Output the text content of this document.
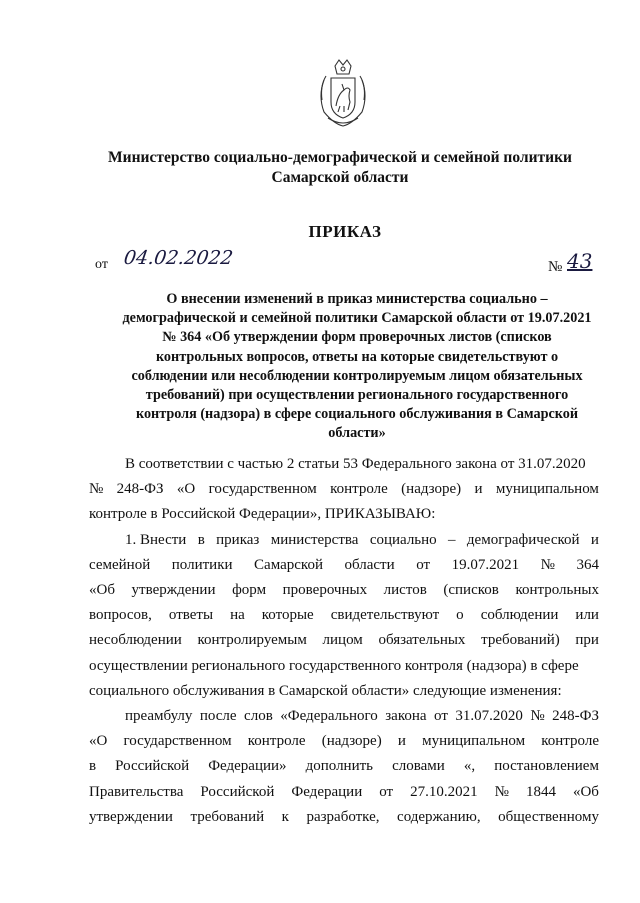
Министерство социально-демографической и семейной политики
Самарской области
ПРИКАЗ
от 04.02.2022	№ 43
О внесении изменений в приказ министерства социально –
демографической и семейной политики Самарской области от 19.07.2021
№ 364 «Об утверждении форм проверочных листов (списков
контрольных вопросов, ответы на которые свидетельствуют о
соблюдении или несоблюдении контролируемым лицом обязательных
требований) при осуществлении регионального государственного
контроля (надзора) в сфере социального обслуживания в Самарской
области»
В соответствии с частью 2 статьи 53 Федерального закона от 31.07.2020
№ 248-ФЗ «О государственном контроле (надзоре) и муниципальном
контроле в Российской Федерации», ПРИКАЗЫВАЮ:
1. Внести в приказ министерства социально – демографической и
семейной политики Самарской области от 19.07.2021 № 364
«Об утверждении форм проверочных листов (списков контрольных
вопросов, ответы на которые свидетельствуют о соблюдении или
несоблюдении контролируемым лицом обязательных требований) при
осуществлении регионального государственного контроля (надзора) в сфере
социального обслуживания в Самарской области» следующие изменения:
преамбулу после слов «Федерального закона от 31.07.2020 № 248-ФЗ
«О государственном контроле (надзоре) и муниципальном контроле
в Российской Федерации» дополнить словами «, постановлением
Правительства Российской Федерации от 27.10.2021 № 1844 «Об
утверждении требований к разработке, содержанию, общественному
